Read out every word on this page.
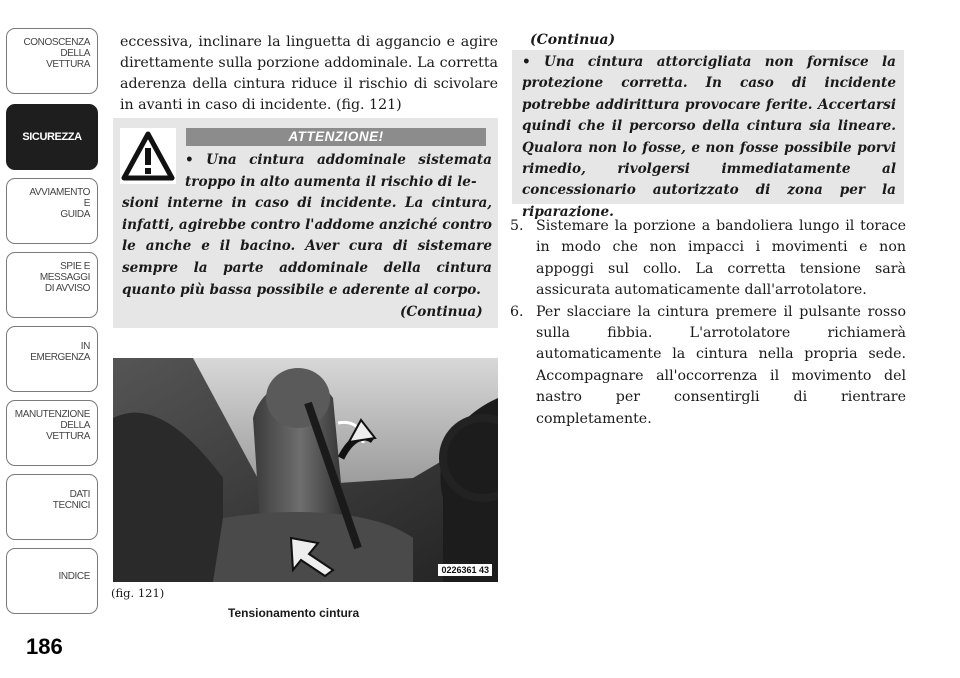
CONOSCENZA
DELLA
VETTURA
SICUREZZA
AVVIAMENTO
E
GUIDA
SPIE E
MESSAGGI
DI AVVISO
IN
EMERGENZA
MANUTENZIONE
DELLA
VETTURA
DATI
TECNICI
INDICE
186

eccessiva, inclinare la linguetta di aggancio e agire direttamente sulla porzione addominale. La corretta aderenza della cintura riduce il rischio di scivolare in avanti in caso di incidente. (fig. 121)

ATTENZIONE!
• Una cintura addominale sistemata troppo in alto aumenta il rischio di le-
sioni interne in caso di incidente. La cintura, infatti, agirebbe contro l'addome anziché contro le anche e il bacino. Aver cura di sistemare sempre la parte addominale della cintura quanto più bassa possibile e aderente al corpo.
(Continua)
0226361 43
(fig. 121)
Tensionamento cintura
(Continua)
• Una cintura attorcigliata non fornisce la protezione corretta. In caso di incidente potrebbe addirittura provocare ferite. Accertarsi quindi che il percorso della cintura sia lineare. Qualora non lo fosse, e non fosse possibile porvi rimedio, rivolgersi immediatamente al concessionario autorizzato di zona per la riparazione.
5. Sistemare la porzione a bandoliera lungo il torace in modo che non impacci i movimenti e non appoggi sul collo. La corretta tensione sarà assicurata automaticamente dall'arrotolatore.
6. Per slacciare la cintura premere il pulsante rosso sulla fibbia. L'arrotolatore richiamerà automaticamente la cintura nella propria sede. Accompagnare all'occorrenza il movimento del nastro per consentirgli di rientrare completamente.
